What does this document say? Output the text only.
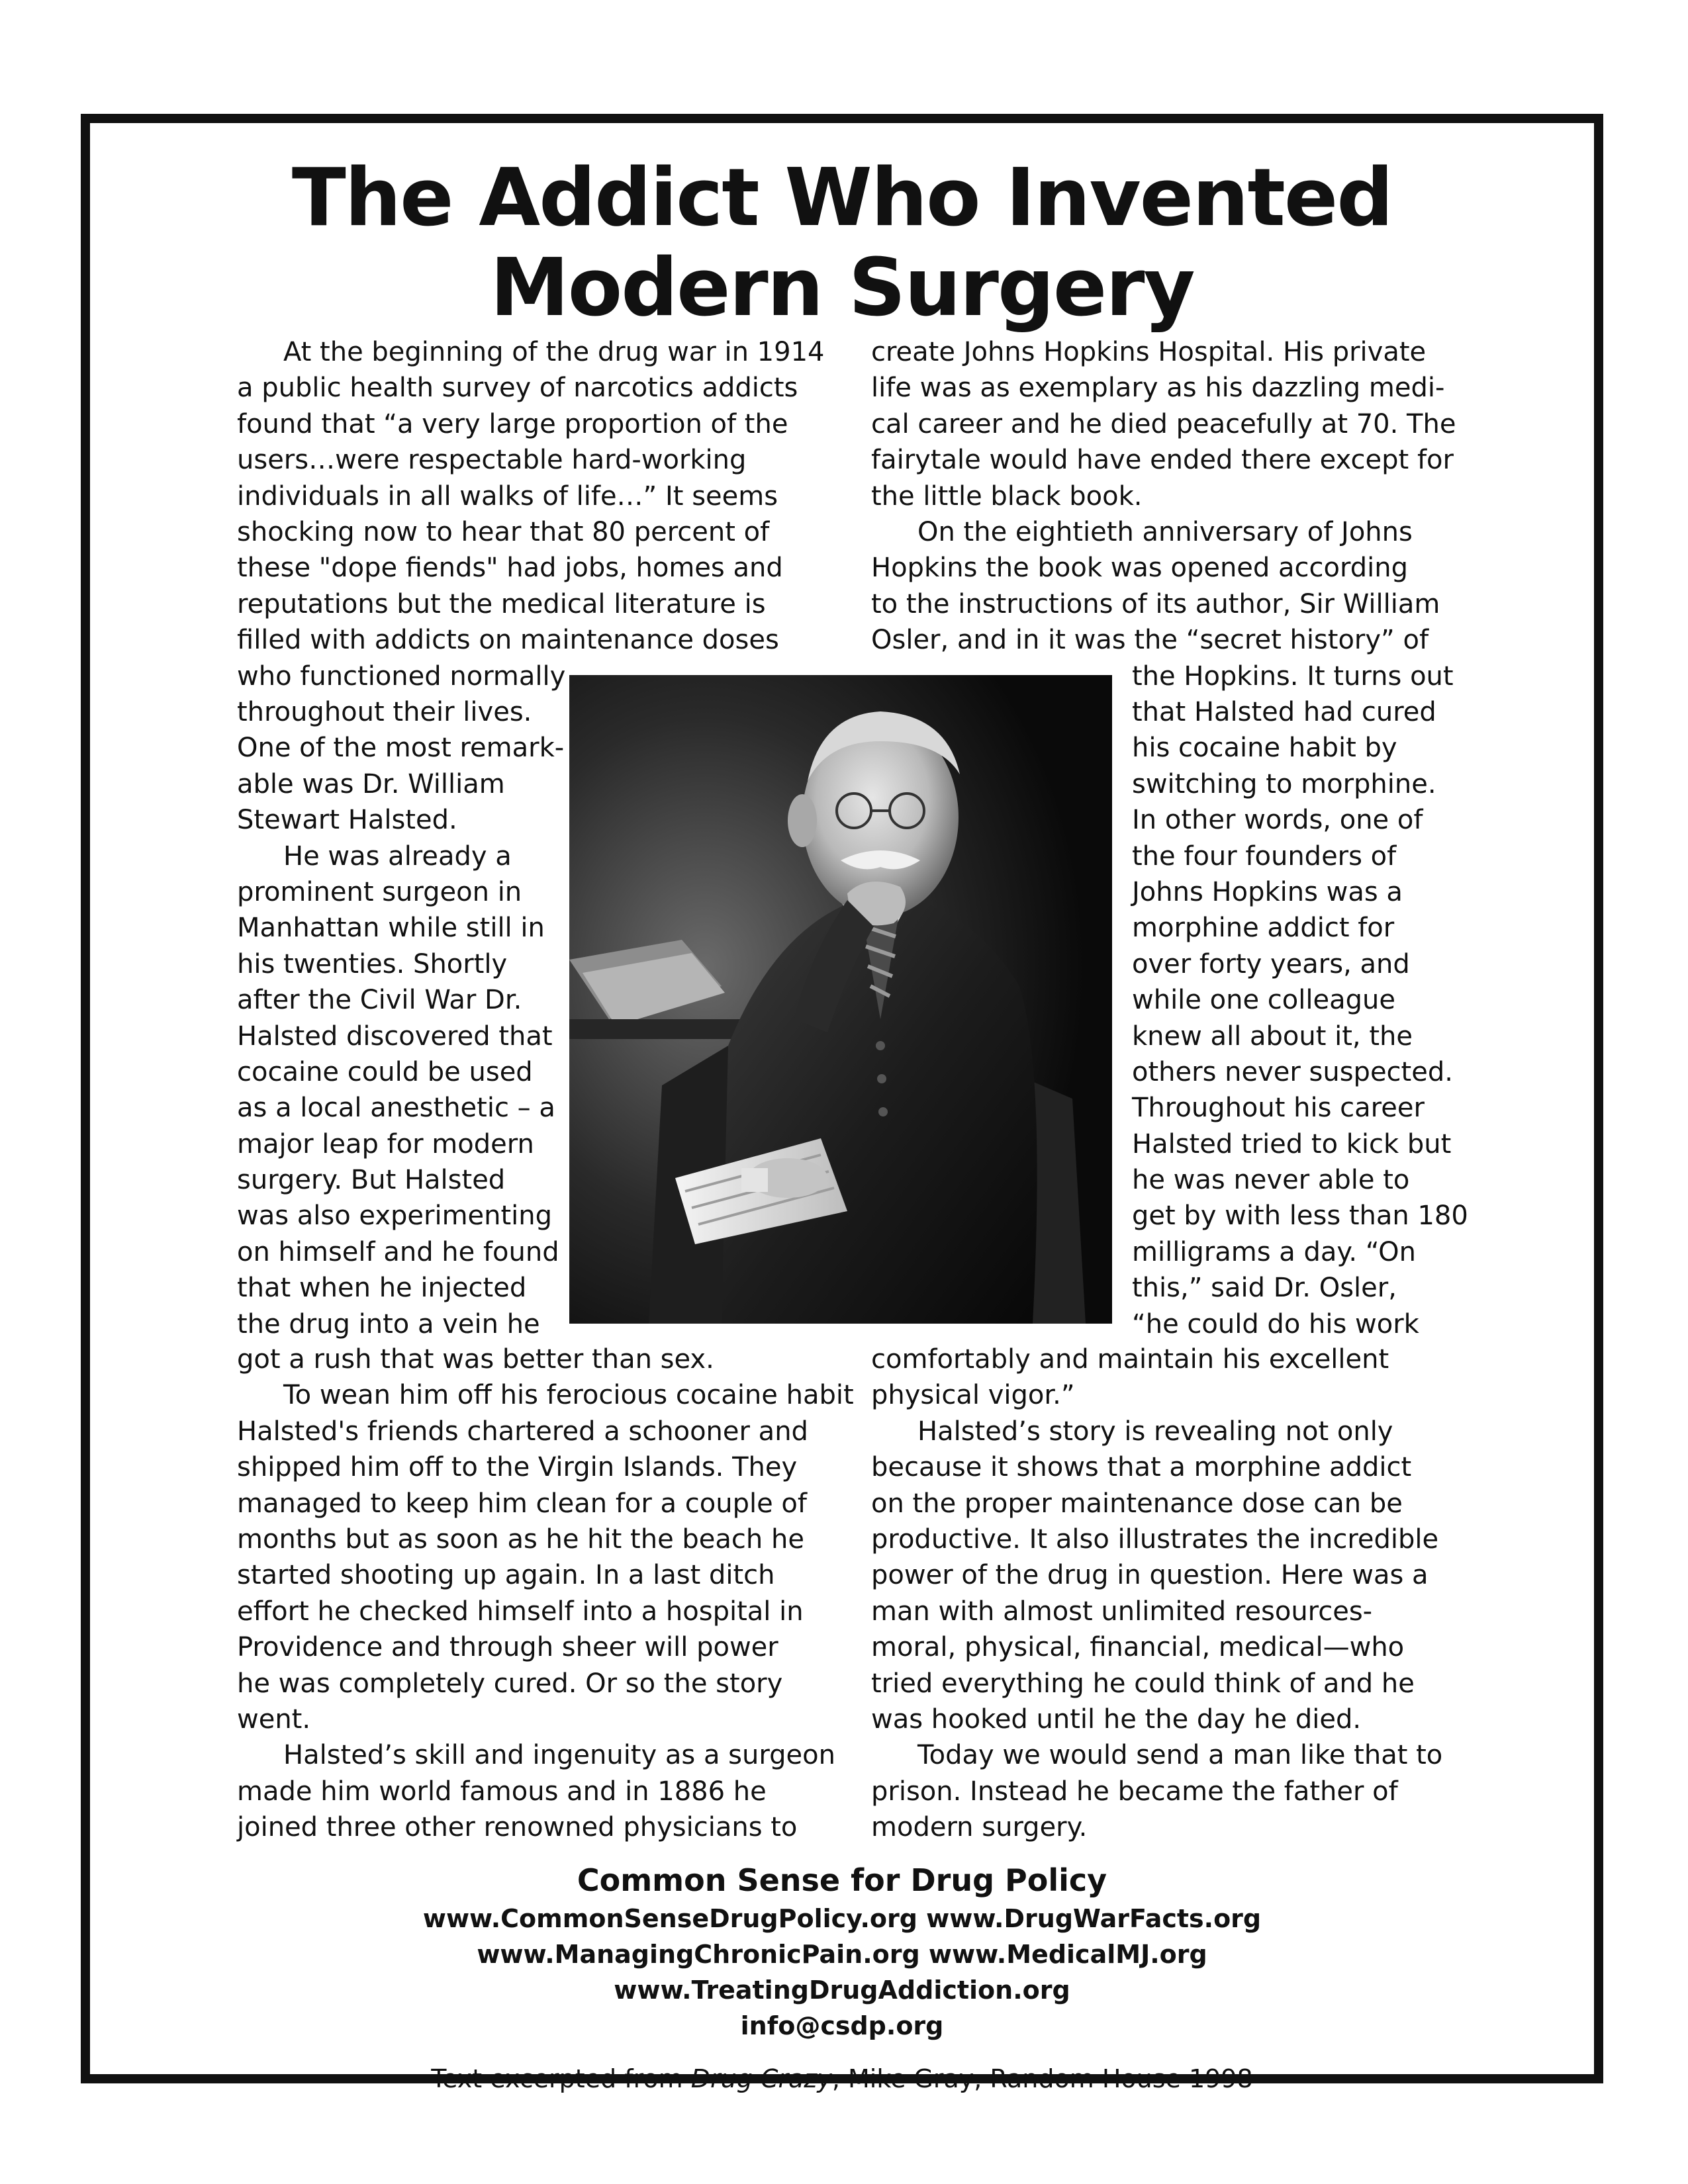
The Addict Who Invented
Modern Surgery
At the beginning of the drug war in 1914
a public health survey of narcotics addicts
found that “a very large proportion of the
users…were respectable hard-working
individuals in all walks of life…” It seems
shocking now to hear that 80 percent of
these "dope fiends" had jobs, homes and
reputations but the medical literature is
filled with addicts on maintenance doses
who functioned normally
throughout their lives.
One of the most remark-
able was Dr. William
Stewart Halsted.
He was already a
prominent surgeon in
Manhattan while still in
his twenties. Shortly
after the Civil War Dr.
Halsted discovered that
cocaine could be used
as a local anesthetic – a
major leap for modern
surgery. But Halsted
was also experimenting
on himself and he found
that when he injected
the drug into a vein he
got a rush that was better than sex.
To wean him off his ferocious cocaine habit
Halsted's friends chartered a schooner and
shipped him off to the Virgin Islands. They
managed to keep him clean for a couple of
months but as soon as he hit the beach he
started shooting up again. In a last ditch
effort he checked himself into a hospital in
Providence and through sheer will power
he was completely cured. Or so the story
went.
Halsted’s skill and ingenuity as a surgeon
made him world famous and in 1886 he
joined three other renowned physicians to
create Johns Hopkins Hospital. His private
life was as exemplary as his dazzling medi-
cal career and he died peacefully at 70. The
fairytale would have ended there except for
the little black book.
On the eightieth anniversary of Johns
Hopkins the book was opened according
to the instructions of its author, Sir William
Osler, and in it was the “secret history” of
the Hopkins. It turns out
that Halsted had cured
his cocaine habit by
switching to morphine.
In other words, one of
the four founders of
Johns Hopkins was a
morphine addict for
over forty years, and
while one colleague
knew all about it, the
others never suspected.
Throughout his career
Halsted tried to kick but
he was never able to
get by with less than 180
milligrams a day. “On
this,” said Dr. Osler,
“he could do his work
comfortably and maintain his excellent
physical vigor.”
Halsted’s story is revealing not only
because it shows that a morphine addict
on the proper maintenance dose can be
productive. It also illustrates the incredible
power of the drug in question. Here was a
man with almost unlimited resources-
moral, physical, financial, medical—who
tried everything he could think of and he
was hooked until he the day he died.
Today we would send a man like that to
prison. Instead he became the father of
modern surgery.
Common Sense for Drug Policy
www.CommonSenseDrugPolicy.org www.DrugWarFacts.org
www.ManagingChronicPain.org www.MedicalMJ.org
www.TreatingDrugAddiction.org
info@csdp.org
Text excerpted from Drug Crazy, Mike Gray, Random House 1998
